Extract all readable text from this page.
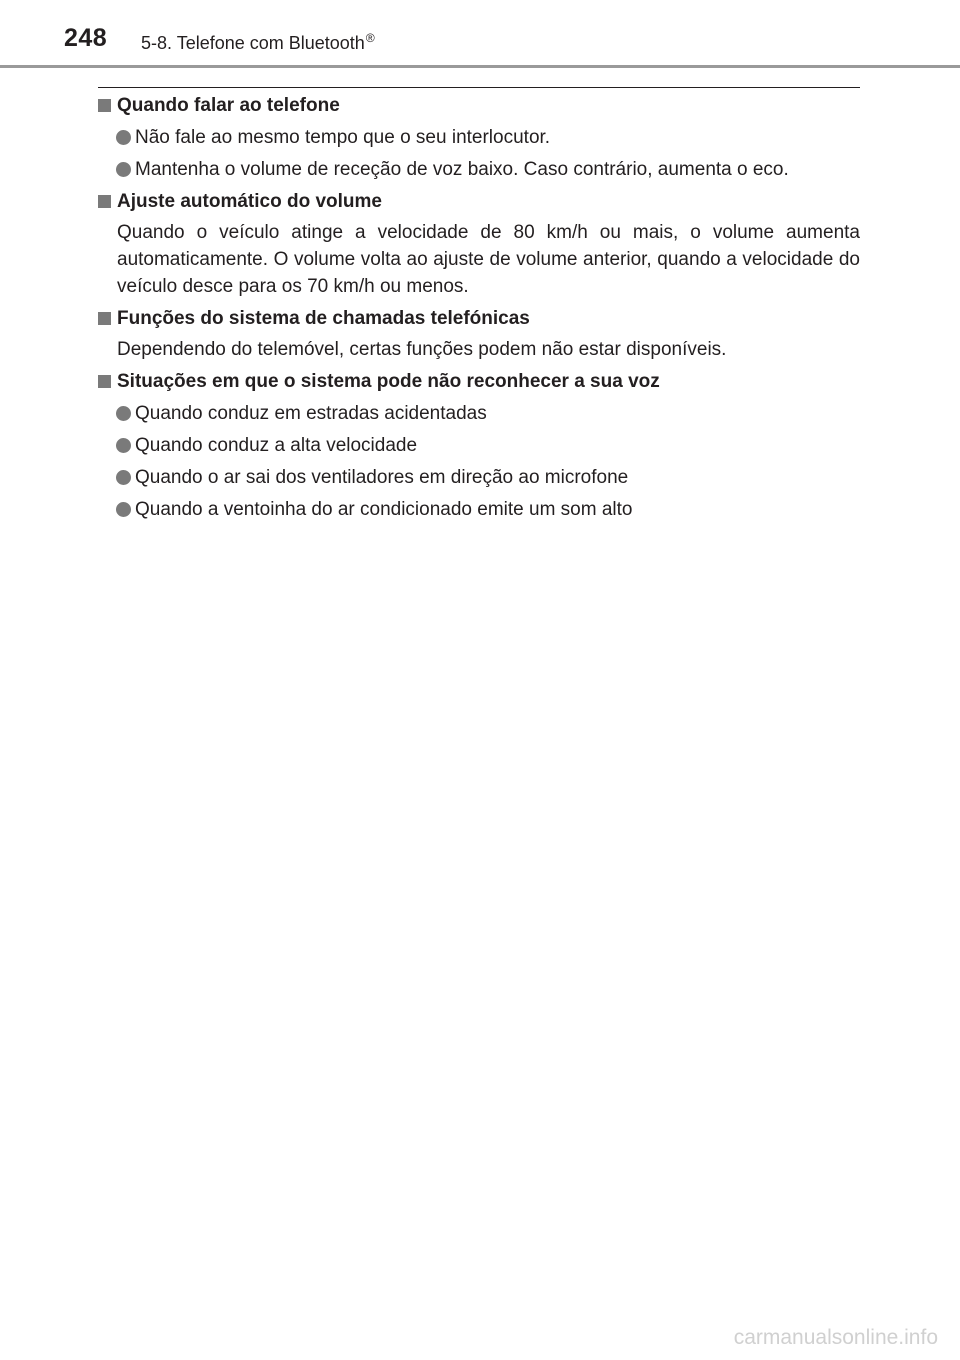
248 5-8. Telefone com Bluetooth®
Quando falar ao telefone
Não fale ao mesmo tempo que o seu interlocutor.
Mantenha o volume de receção de voz baixo. Caso contrário, aumenta o eco.
Ajuste automático do volume
Quando o veículo atinge a velocidade de 80 km/h ou mais, o volume aumenta automaticamente. O volume volta ao ajuste de volume anterior, quando a velocidade do veículo desce para os 70 km/h ou menos.
Funções do sistema de chamadas telefónicas
Dependendo do telemóvel, certas funções podem não estar disponíveis.
Situações em que o sistema pode não reconhecer a sua voz
Quando conduz em estradas acidentadas
Quando conduz a alta velocidade
Quando o ar sai dos ventiladores em direção ao microfone
Quando a ventoinha do ar condicionado emite um som alto
carmanualsonline.info
